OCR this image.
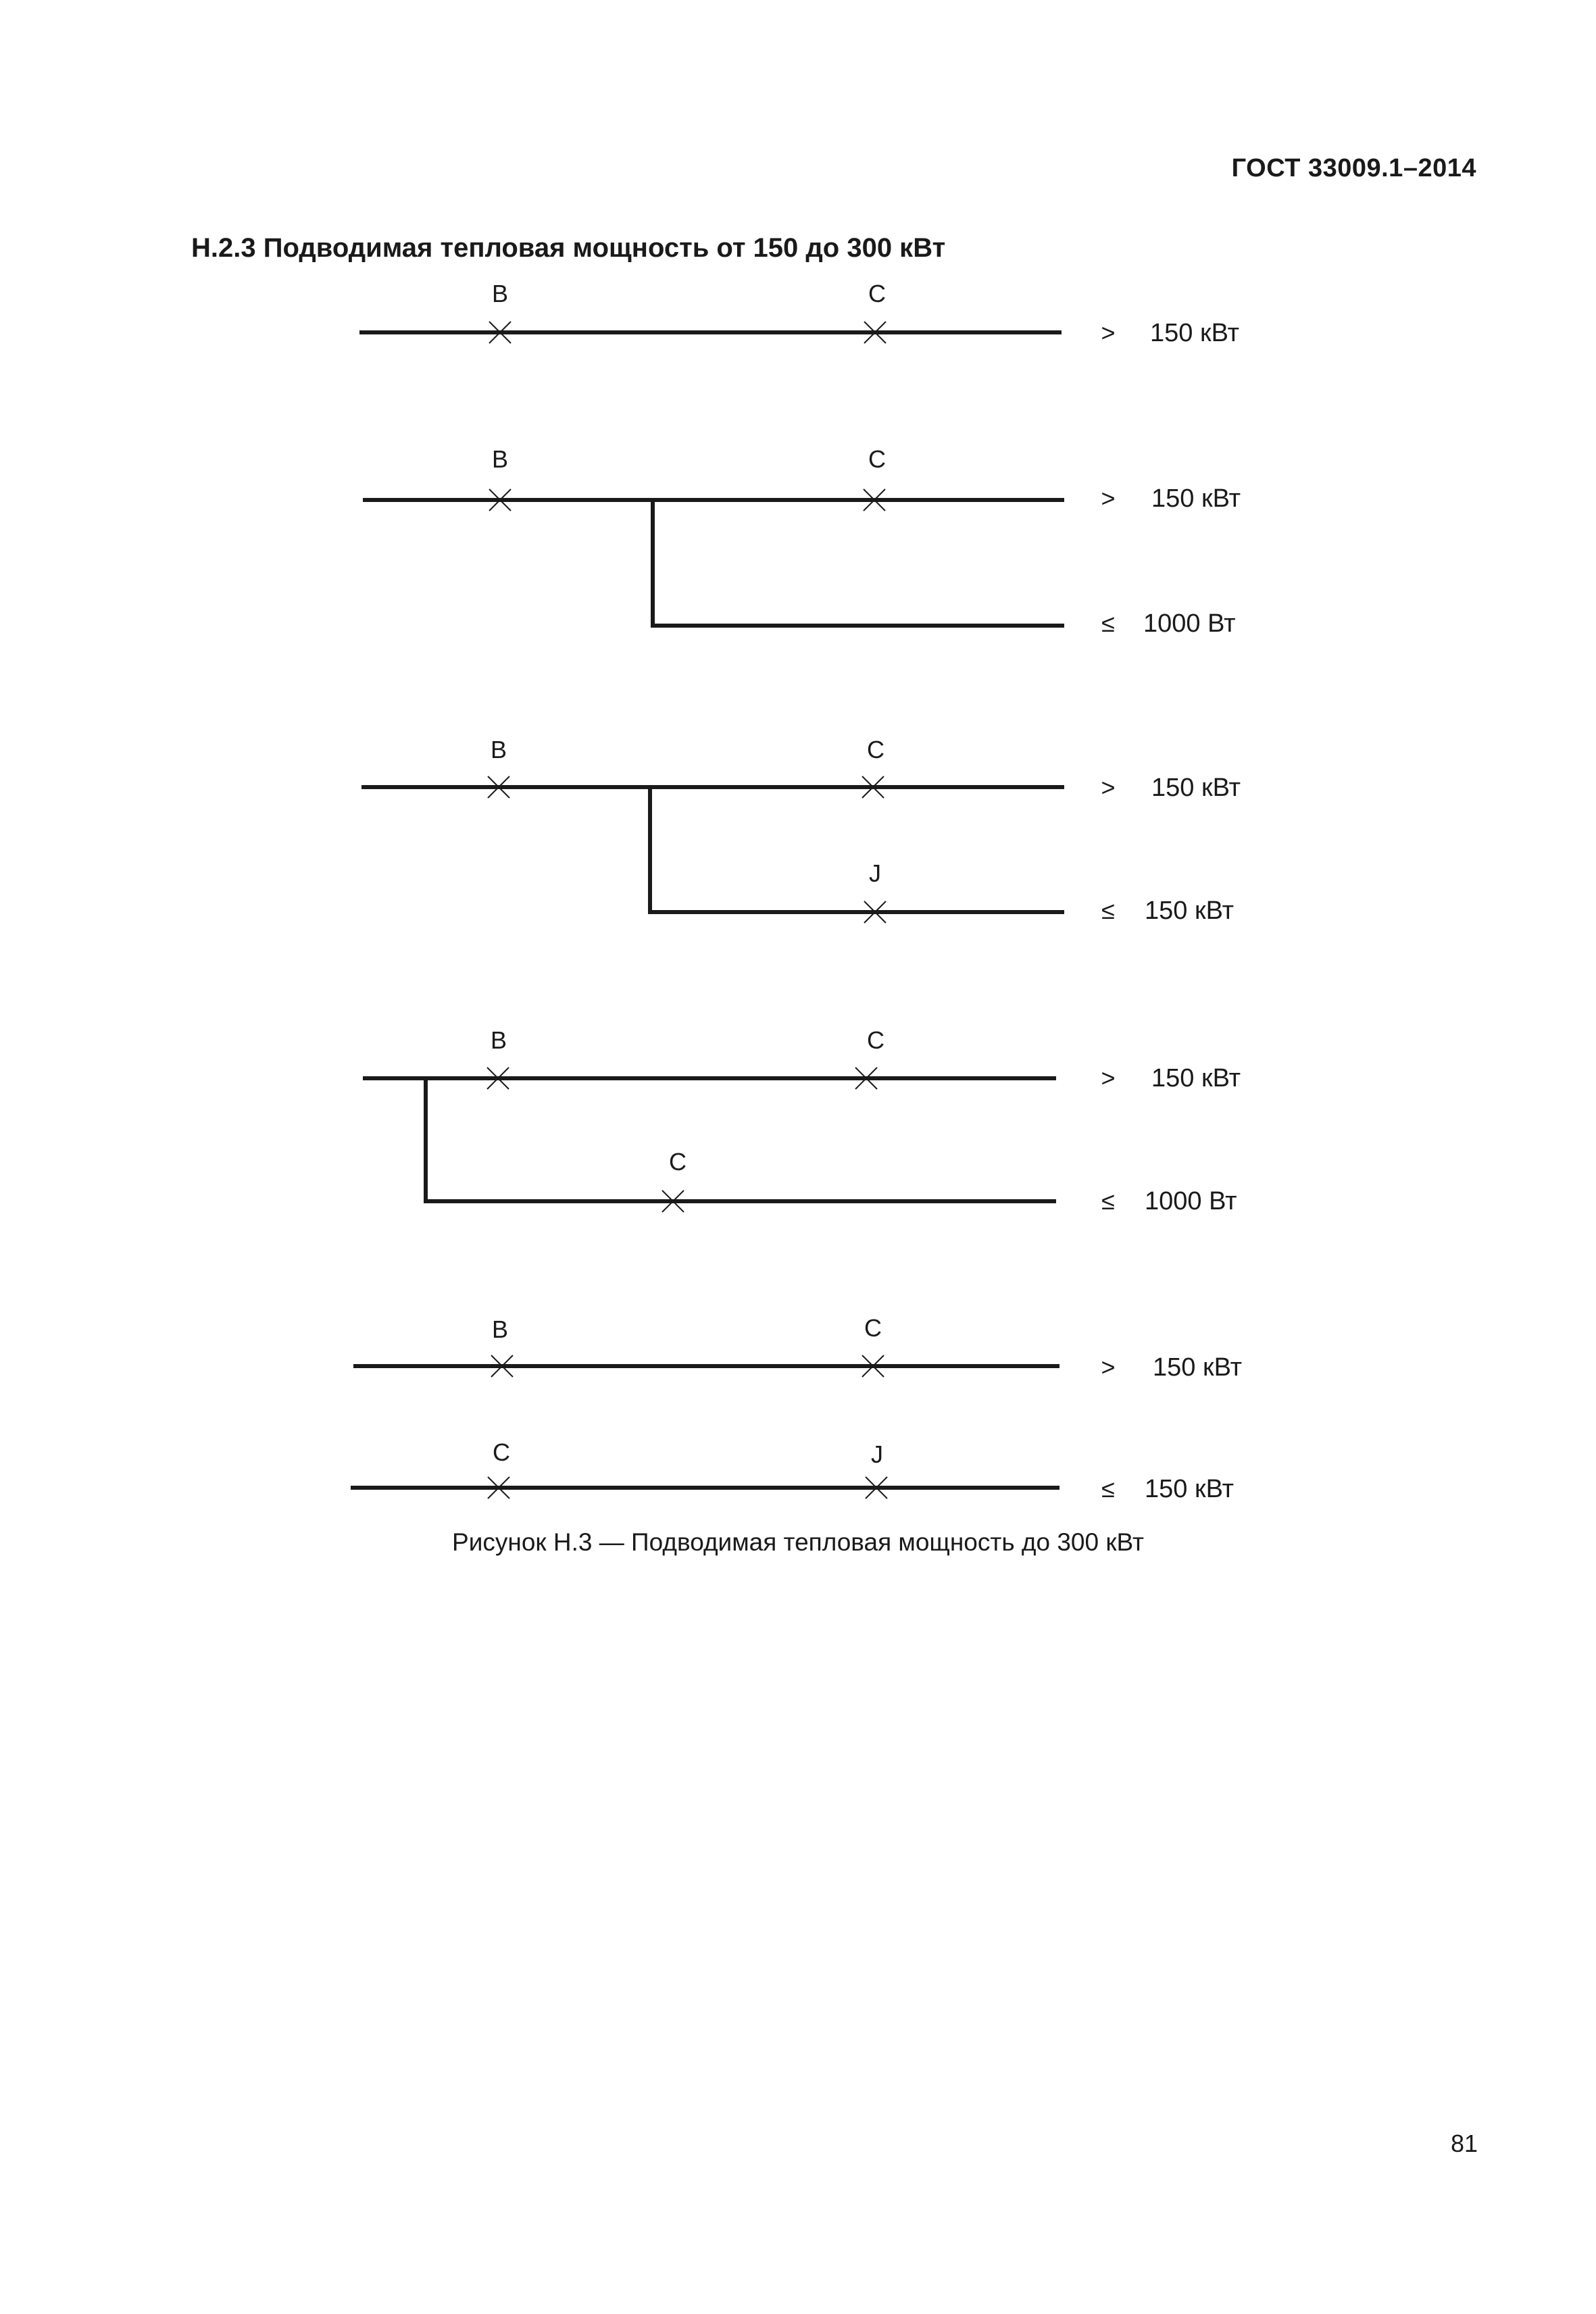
ГОСТ 33009.1–2014
Н.2.3 Подводимая тепловая мощность от 150 до 300 кВт
B	C
B	C
B	C
J
B	C
C
B	C
C	J
>
>
≤
>
≤
>
≤
>
≤
150 кВт
150 кВт
1000 Вт
150 кВт
150 кВт
150 кВт
1000 Вт
150 кВт
150 кВт
Рисунок Н.3 — Подводимая тепловая мощность до 300 кВт
81
